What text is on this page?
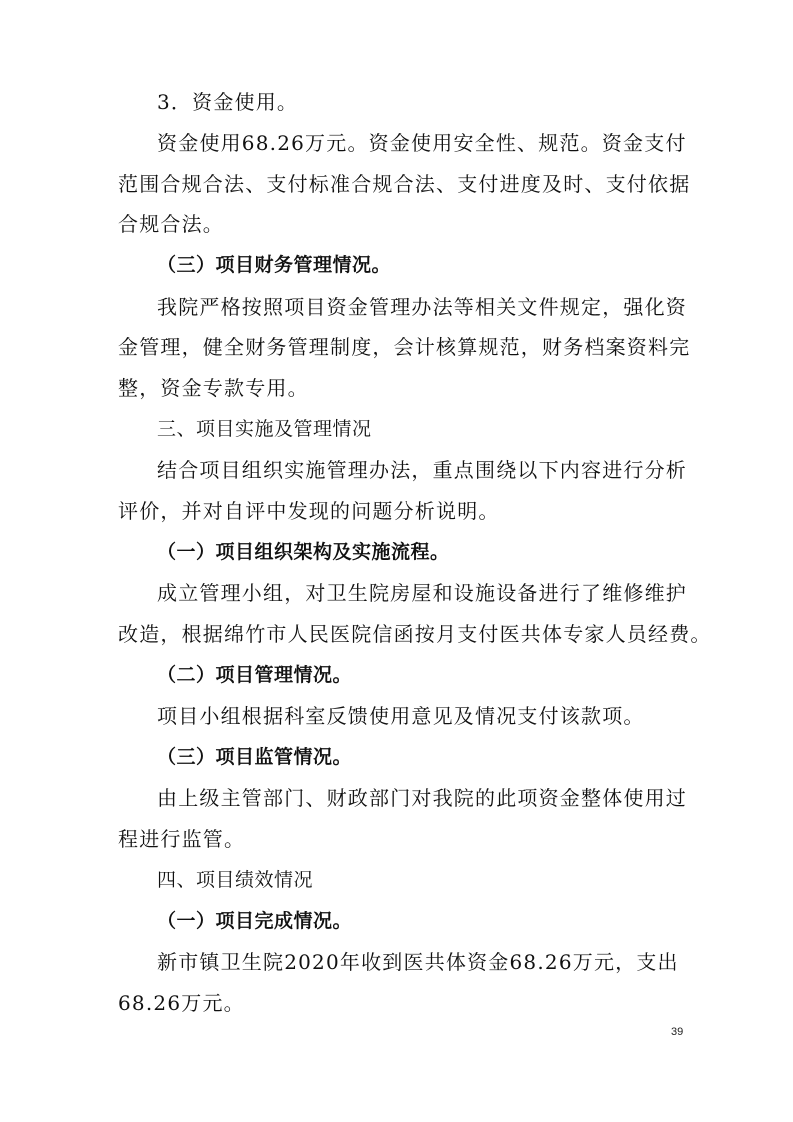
3．资金使用。
资金使用68.26万元。资金使用安全性、规范。资金支付
范围合规合法、支付标准合规合法、支付进度及时、支付依据
合规合法。
（三）项目财务管理情况。
我院严格按照项目资金管理办法等相关文件规定，强化资
金管理，健全财务管理制度，会计核算规范，财务档案资料完
整，资金专款专用。
三、项目实施及管理情况
结合项目组织实施管理办法，重点围绕以下内容进行分析
评价，并对自评中发现的问题分析说明。
（一）项目组织架构及实施流程。
成立管理小组，对卫生院房屋和设施设备进行了维修维护
改造，根据绵竹市人民医院信函按月支付医共体专家人员经费。
（二）项目管理情况。
项目小组根据科室反馈使用意见及情况支付该款项。
（三）项目监管情况。
由上级主管部门、财政部门对我院的此项资金整体使用过
程进行监管。
四、项目绩效情况
（一）项目完成情况。
新市镇卫生院2020年收到医共体资金68.26万元，支出
68.26万元。
39
